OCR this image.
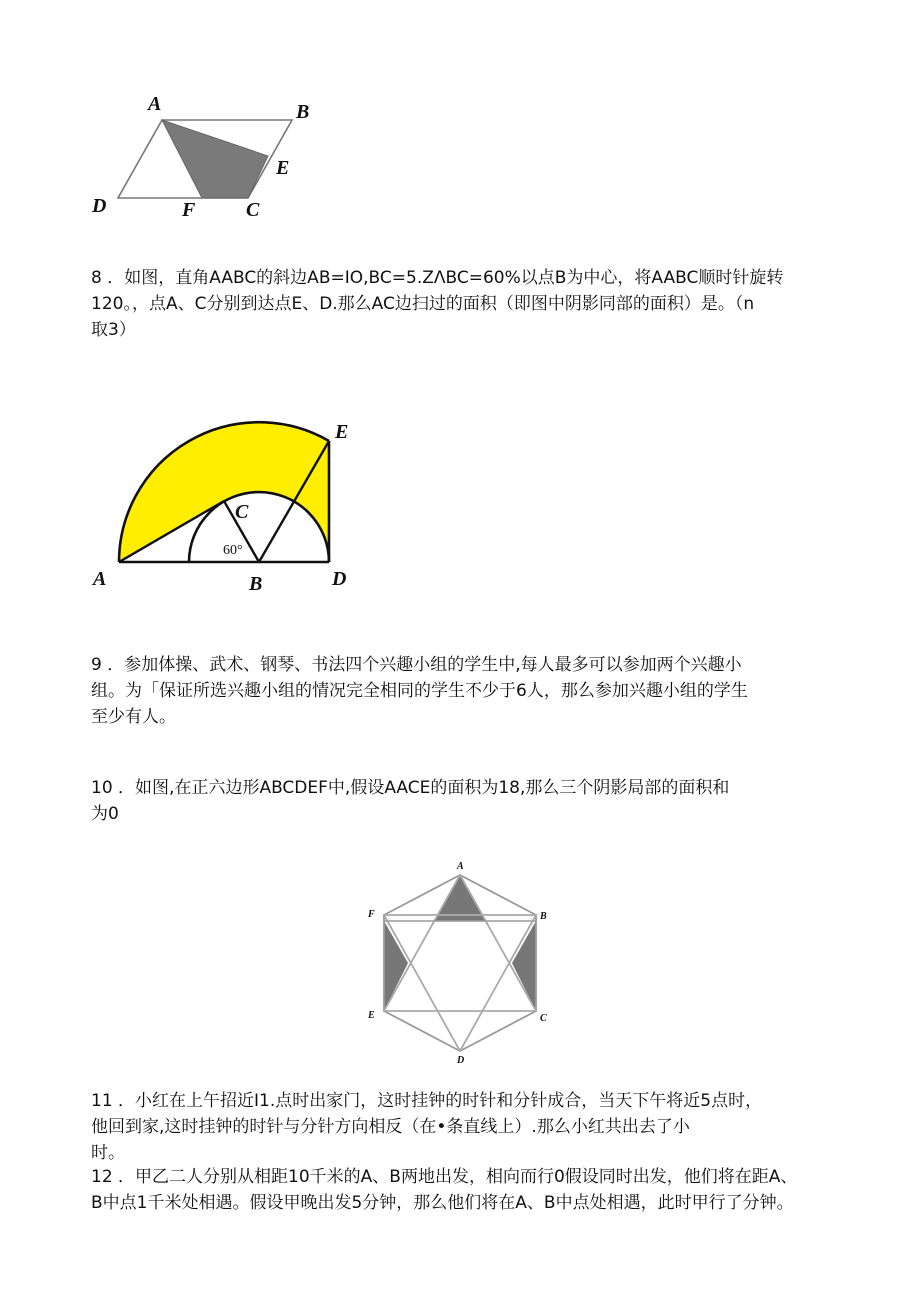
A	B
E
D	F	C
8 ．如图，直角AABC的斜边AB=IO,BC=5.ZΛBC=60%以点B为中心，将AABC顺时针旋转
120。，点A、C分别到达点E、D.那么AC边扫过的面积（即图中阴影同部的面积）是。（n
取3）
C
60°
E
A	B	D
9 ．参加体操、武术、钢琴、书法四个兴趣小组的学生中,每人最多可以参加两个兴趣小
组。为「保证所选兴趣小组的情况完全相同的学生不少于6人，那么参加兴趣小组的学生
至少有人。
10 ．如图,在正六边形ABCDEF中,假设AACE的面积为18,那么三个阴影局部的面积和
为0
A
B
C
D
E
F
11 ．小红在上午招近I1.点时出家门，这时挂钟的时针和分针成合，当天下午将近5点时，
他回到家,这时挂钟的时针与分针方向相反（在•条直线上）.那么小红共出去了小
时。
12 ．甲乙二人分别从相距10千米的A、B两地出发，相向而行0假设同时出发，他们将在距A、
B中点1千米处相遇。假设甲晚出发5分钟，那么他们将在A、B中点处相遇，此时甲行了分钟。
